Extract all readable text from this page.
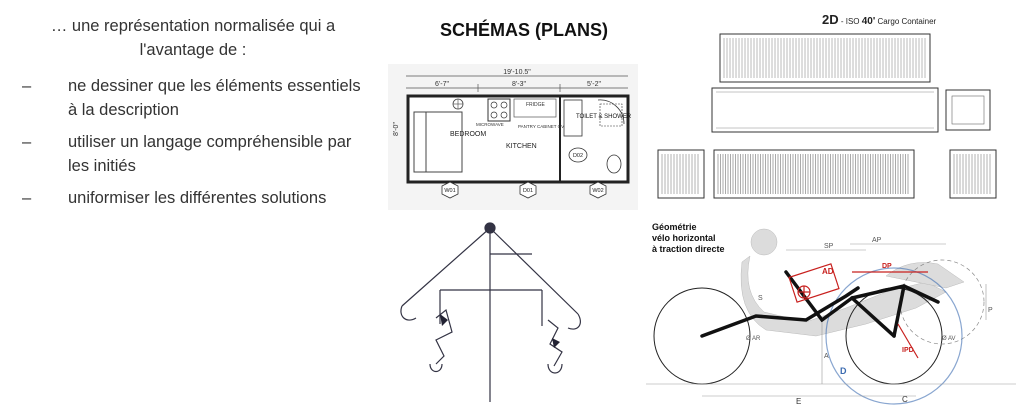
… une représentation normalisée qui a l'avantage de :
– ne dessiner que les éléments essentiels à la description
– utiliser un langage compréhensible par les initiés
– uniformiser les différentes solutions
SCHÉMAS (PLANS)
19'-10.5"
6'-7"	8'-3"	5'-2"
8'-0"	BEDROOM
KITCHEN
MICROWAVE
FRIDGE
PANTRY CABINET OV
TOILET & SHOWER
D02
W01	D01	W02
2D - ISO 40' Cargo Container
Géométrie
vélo horizontal
à traction directe
AD
DP
IPD
SP
AP
S
A
D
P
Ø AR	Ø AV
E	C
